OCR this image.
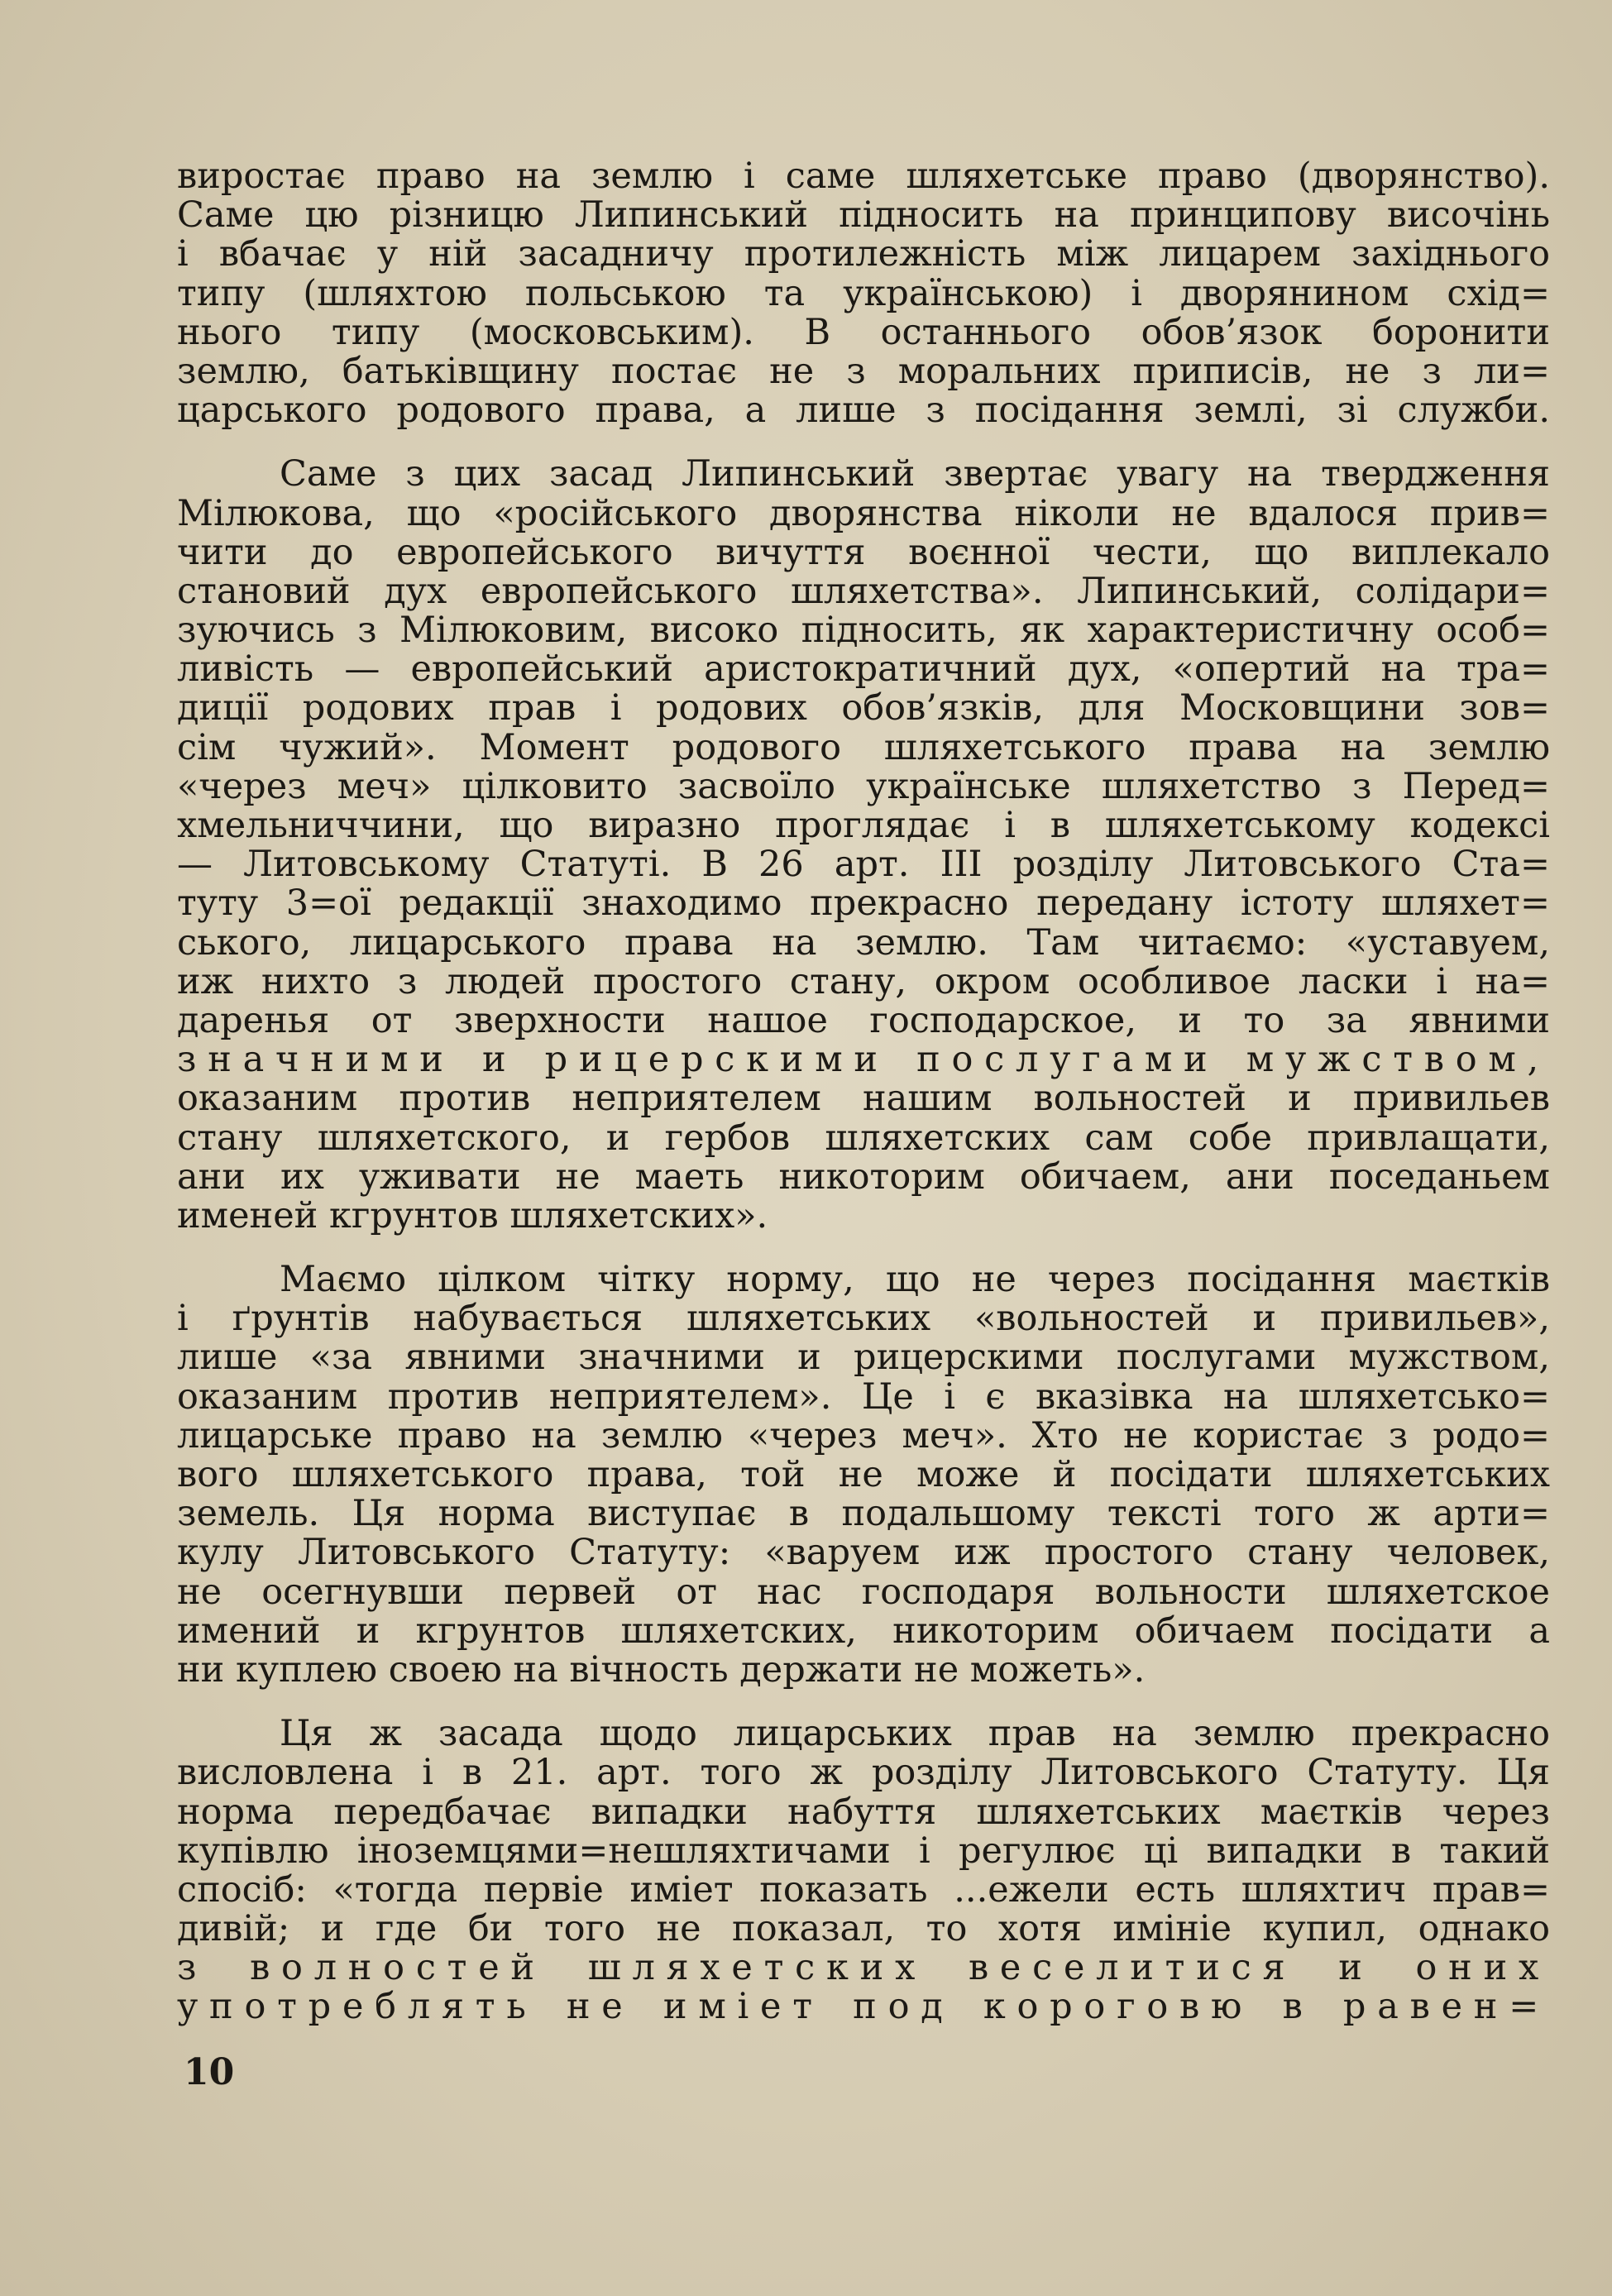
виростає право на землю і саме шляхетське право (дворянство).
Саме цю різницю Липинський підносить на принципову височінь
і вбачає у ній засадничу протилежність між лицарем західнього
типу (шляхтою польською та українською) і дворянином схід=
нього типу (московським). В останнього обов’язок боронити
землю, батьківщину постає не з моральних приписів, не з ли=
царського родового права, а лише з посідання землі, зі служби.
Саме з цих засад Липинський звертає увагу на твердження
Мілюкова, що «російського дворянства ніколи не вдалося прив=
чити до европейського вичуття воєнної чести, що виплекало
становий дух европейського шляхетства». Липинський, солідари=
зуючись з Мілюковим, високо підносить, як характеристичну особ=
ливість — европейський аристократичний дух, «опертий на тра=
диції родових прав і родових обов’язків, для Московщини зов=
сім чужий». Момент родового шляхетського права на землю
«через меч» цілковито засвоїло українське шляхетство з Перед=
хмельниччини, що виразно проглядає і в шляхетському кодексі
— Литовському Статуті. В 26 арт. III розділу Литовського Ста=
туту 3=ої редакції знаходимо прекрасно передану істоту шляхет=
ського, лицарського права на землю. Там читаємо: «уставуем,
иж нихто з людей простого стану, окром особливое ласки і на=
даренья от зверхности нашое господарское, и то за явними
значними и рицерскими послугами мужством,
оказаним против неприятелем нашим вольностей и привильев
стану шляхетского, и гербов шляхетских сам собе привлащати,
ани их уживати не маеть никоторим обичаем, ани поседаньем
именей кгрунтов шляхетских».
Маємо цілком чітку норму, що не через посідання маєтків
і ґрунтів набувається шляхетських «вольностей и привильев»,
лише «за явними значними и рицерскими послугами мужством,
оказаним против неприятелем». Це і є вказівка на шляхетсько=
лицарське право на землю «через меч». Хто не користає з родо=
вого шляхетського права, той не може й посідати шляхетських
земель. Ця норма виступає в подальшому тексті того ж арти=
кулу Литовського Статуту: «варуем иж простого стану человек,
не осегнувши первей от нас господаря вольности шляхетское
имений и кгрунтов шляхетских, никоторим обичаем посідати а
ни куплею своею на вічность держати не можеть».
Ця ж засада щодо лицарських прав на землю прекрасно
висловлена і в 21. арт. того ж розділу Литовського Статуту. Ця
норма передбачає випадки набуття шляхетських маєтків через
купівлю іноземцями=нешляхтичами і регулює ці випадки в такий
спосіб: «тогда первіе иміет показать ...ежели есть шляхтич прав=
дивій; и где би того не показал, то хотя имініе купил, однако
з волностей шляхетских веселитися и оних
употреблять не иміет под короговю в равен=
10
